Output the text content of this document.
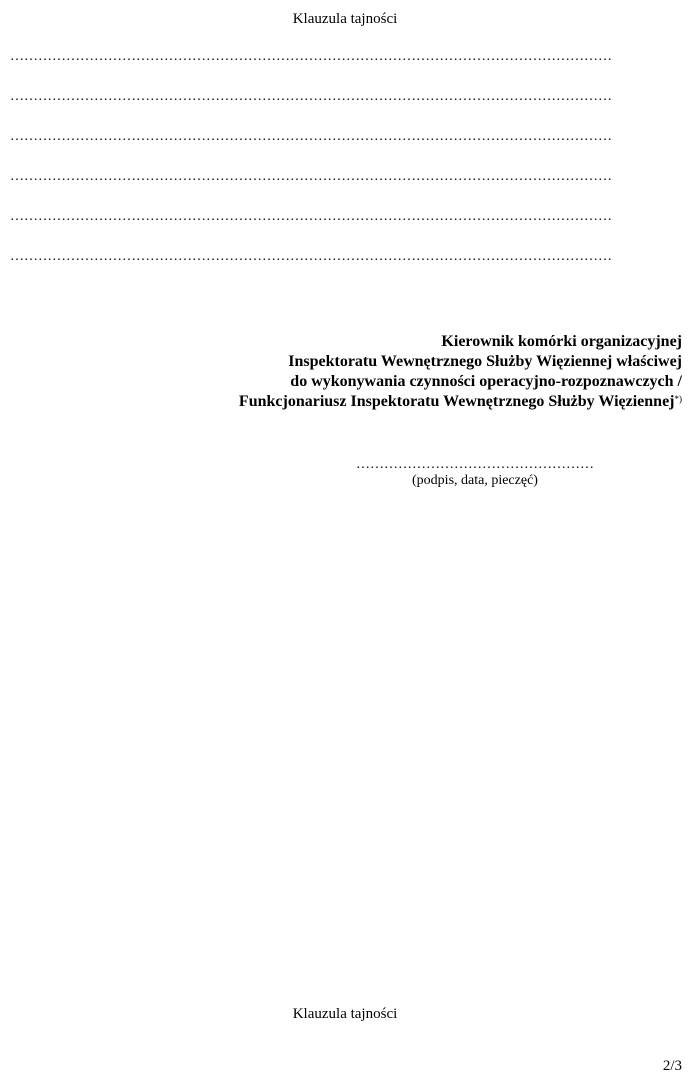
Klauzula tajności
…………………………………………………………………………………………………………………
…………………………………………………………………………………………………………………
…………………………………………………………………………………………………………………
…………………………………………………………………………………………………………………
…………………………………………………………………………………………………………………
…………………………………………………………………………………………………………………
Kierownik komórki organizacyjnej
Inspektoratu Wewnętrznego Służby Więziennej właściwej
do wykonywania czynności operacyjno-rozpoznawczych /
Funkcjonariusz Inspektoratu Wewnętrznego Służby Więziennej*)
……………………………………………
(podpis, data, pieczęć)
Klauzula tajności
2/3
